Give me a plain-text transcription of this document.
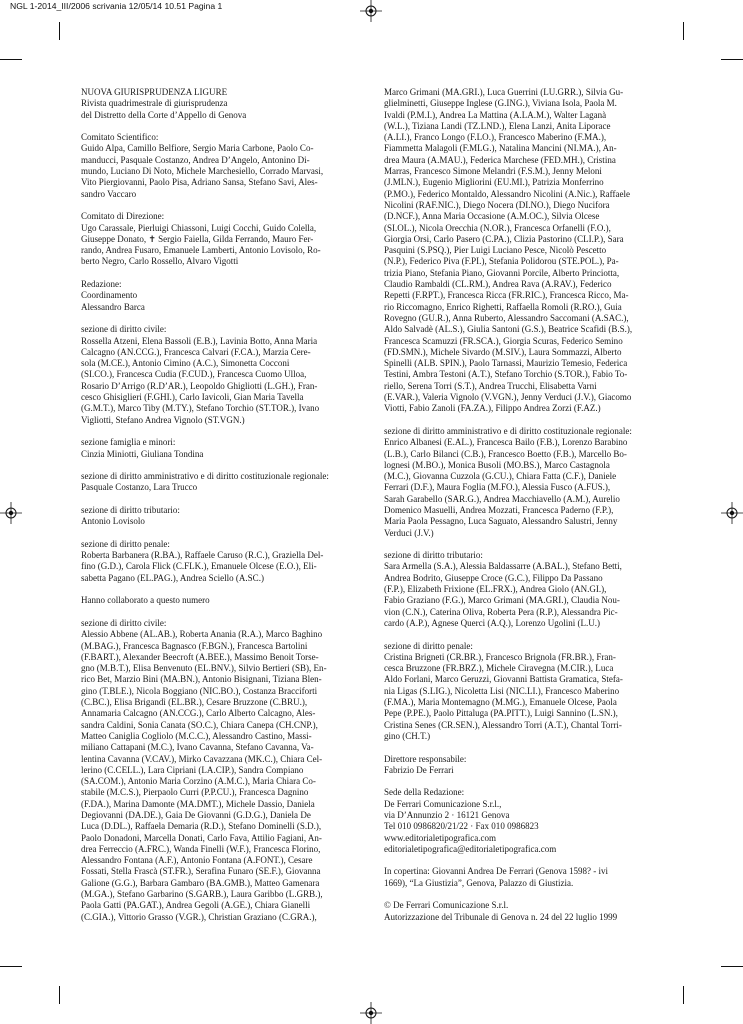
NGL 1-2014_III/2006 scrivania 12/05/14 10.51 Pagina 1
NUOVA GIURISPRUDENZA LIGURE
Rivista quadrimestrale di giurisprudenza
del Distretto della Corte d’Appello di Genova
Comitato Scientifico:
Guido Alpa, Camillo Belfiore, Sergio Maria Carbone, Paolo Co-
manducci, Pasquale Costanzo, Andrea D’Angelo, Antonino Di-
mundo, Luciano Di Noto, Michele Marchesiello, Corrado Marvasi,
Vito Piergiovanni, Paolo Pisa, Adriano Sansa, Stefano Savi, Ales-
sandro Vaccaro
Comitato di Direzione:
Ugo Carassale, Pierluigi Chiassoni, Luigi Cocchi, Guido Colella,
Giuseppe Donato, ✝ Sergio Faiella, Gilda Ferrando, Mauro Fer-
rando, Andrea Fusaro, Emanuele Lamberti, Antonio Lovisolo, Ro-
berto Negro, Carlo Rossello, Alvaro Vigotti
Redazione:
Coordinamento
Alessandro Barca
sezione di diritto civile:
Rossella Atzeni, Elena Bassoli (E.B.), Lavinia Botto, Anna Maria
Calcagno (AN.CCG.), Francesca Calvari (F.CA.), Marzia Cere-
sola (M.CE.), Antonio Cimino (A.C.), Simonetta Cocconi
(SI.CO.), Francesca Cudia (F.CUD.), Francesca Cuomo Ulloa,
Rosario D’Arrigo (R.D’AR.), Leopoldo Ghigliotti (L.GH.), Fran-
cesco Ghisiglieri (F.GHI.), Carlo Iavicoli, Gian Maria Tavella
(G.M.T.), Marco Tiby (M.TY.), Stefano Torchio (ST.TOR.), Ivano
Vigliotti, Stefano Andrea Vignolo (ST.VGN.)
sezione famiglia e minori:
Cinzia Miniotti, Giuliana Tondina
sezione di diritto amministrativo e di diritto costituzionale regionale:
Pasquale Costanzo, Lara Trucco
sezione di diritto tributario:
Antonio Lovisolo
sezione di diritto penale:
Roberta Barbanera (R.BA.), Raffaele Caruso (R.C.), Graziella Del-
fino (G.D.), Carola Flick (C.FLK.), Emanuele Olcese (E.O.), Eli-
sabetta Pagano (EL.PAG.), Andrea Sciello (A.SC.)
Hanno collaborato a questo numero
sezione di diritto civile:
Alessio Abbene (AL.AB.), Roberta Anania (R.A.), Marco Baghino
(M.BAG.), Francesca Bagnasco (F.BGN.), Francesca Bartolini
(F.BART.), Alexander Beecroft (A.BEE.), Massimo Benoit Torse-
gno (M.B.T.), Elisa Benvenuto (EL.BNV.), Silvio Bertieri (SB), En-
rico Bet, Marzio Bini (MA.BN.), Antonio Bisignani, Tiziana Blen-
gino (T.BLE.), Nicola Boggiano (NIC.BO.), Costanza Bracciforti
(C.BC.), Elisa Brigandì (EL.BR.), Cesare Bruzzone (C.BRU.),
Annamaria Calcagno (AN.CCG.), Carlo Alberto Calcagno, Ales-
sandra Caldini, Sonia Canata (SO.C.), Chiara Canepa (CH.CNP.),
Matteo Caniglia Cogliolo (M.C.C.), Alessandro Castino, Massi-
miliano Cattapani (M.C.), Ivano Cavanna, Stefano Cavanna, Va-
lentina Cavanna (V.CAV.), Mirko Cavazzana (MK.C.), Chiara Cel-
lerino (C.CELL.), Lara Cipriani (LA.CIP.), Sandra Compiano
(SA.COM.), Antonio Maria Corzino (A.M.C.), Maria Chiara Co-
stabile (M.C.S.), Pierpaolo Curri (P.P.CU.), Francesca Dagnino
(F.DA.), Marina Damonte (MA.DMT.), Michele Dassio, Daniela
Degiovanni (DA.DE.), Gaia De Giovanni (G.D.G.), Daniela De
Luca (D.DL.), Raffaela Demaria (R.D.), Stefano Dominelli (S.D.),
Paolo Donadoni, Marcella Donati, Carlo Fava, Attilio Fagiani, An-
drea Ferreccio (A.FRC.), Wanda Finelli (W.F.), Francesca Florino,
Alessandro Fontana (A.F.), Antonio Fontana (A.FONT.), Cesare
Fossati, Stella Frascà (ST.FR.), Serafina Funaro (SE.F.), Giovanna
Galione (G.G.), Barbara Gambaro (BA.GMB.), Matteo Gamenara
(M.GA.), Stefano Garbarino (S.GARB.), Laura Garibbo (L.GRB.),
Paola Gatti (PA.GAT.), Andrea Gegoli (A.GE.), Chiara Gianelli
(C.GIA.), Vittorio Grasso (V.GR.), Christian Graziano (C.GRA.),
Marco Grimani (MA.GRI.), Luca Guerrini (LU.GRR.), Silvia Gu-
glielminetti, Giuseppe Inglese (G.ING.), Viviana Isola, Paola M.
Ivaldi (P.M.I.), Andrea La Mattina (A.LA.M.), Walter Laganà
(W.L.), Tiziana Landi (TZ.LND.), Elena Lanzi, Anita Liporace
(A.LI.), Franco Longo (F.LO.), Francesco Maberino (F.MA.),
Fiammetta Malagoli (F.MLG.), Natalina Mancini (NI.MA.), An-
drea Maura (A.MAU.), Federica Marchese (FED.MH.), Cristina
Marras, Francesco Simone Melandri (F.S.M.), Jenny Meloni
(J.MLN.), Eugenio Migliorini (EU.MI.), Patrizia Monferrino
(P.MO.), Federico Montaldo, Alessandro Nicolini (A.Nic.), Raffaele
Nicolini (RAF.NIC.), Diego Nocera (DI.NO.), Diego Nucifora
(D.NCF.), Anna Maria Occasione (A.M.OC.), Silvia Olcese
(SI.OL.), Nicola Orecchia (N.OR.), Francesca Orfanelli (F.O.),
Giorgia Orsi, Carlo Pasero (C.PA.), Clizia Pastorino (CLI.P.), Sara
Pasquini (S.PSQ.), Pier Luigi Luciano Pesce, Nicolò Pescetto
(N.P.), Federico Piva (F.PI.), Stefania Polidorou (STE.POL.), Pa-
trizia Piano, Stefania Piano, Giovanni Porcile, Alberto Princiotta,
Claudio Rambaldi (CL.RM.), Andrea Rava (A.RAV.), Federico
Repetti (F.RPT.), Francesca Ricca (FR.RIC.), Francesca Ricco, Ma-
rio Riccomagno, Enrico Righetti, Raffaella Romoli (R.RO.), Guia
Rovegno (GU.R.), Anna Ruberto, Alessandro Saccomani (A.SAC.),
Aldo Salvadè (AL.S.), Giulia Santoni (G.S.), Beatrice Scafidi (B.S.),
Francesca Scamuzzi (FR.SCA.), Giorgia Scuras, Federico Semino
(FD.SMN.), Michele Sivardo (M.SIV.), Laura Sommazzi, Alberto
Spinelli (ALB. SPIN.), Paolo Tarnassi, Maurizio Temesio, Federica
Testini, Ambra Testoni (A.T.), Stefano Torchio (S.TOR.), Fabio To-
riello, Serena Torri (S.T.), Andrea Trucchi, Elisabetta Varni
(E.VAR.), Valeria Vignolo (V.VGN.), Jenny Verduci (J.V.), Giacomo
Viotti, Fabio Zanoli (FA.ZA.), Filippo Andrea Zorzi (F.AZ.)
sezione di diritto amministrativo e di diritto costituzionale regionale:
Enrico Albanesi (E.AL.), Francesca Bailo (F.B.), Lorenzo Barabino
(L.B.), Carlo Bilanci (C.B.), Francesco Boetto (F.B.), Marcello Bo-
lognesi (M.BO.), Monica Busoli (MO.BS.), Marco Castagnola
(M.C.), Giovanna Cuzzola (G.CU.), Chiara Fatta (C.F.), Daniele
Ferrari (D.F.), Maura Foglia (M.FO.), Alessia Fusco (A.FUS.),
Sarah Garabello (SAR.G.), Andrea Macchiavello (A.M.), Aurelio
Domenico Masuelli, Andrea Mozzati, Francesca Paderno (F.P.),
Maria Paola Pessagno, Luca Saguato, Alessandro Salustri, Jenny
Verduci (J.V.)
sezione di diritto tributario:
Sara Armella (S.A.), Alessia Baldassarre (A.BAL.), Stefano Betti,
Andrea Bodrito, Giuseppe Croce (G.C.), Filippo Da Passano
(F.P.), Elizabeth Frixione (EL.FRX.), Andrea Giolo (AN.GI.),
Fabio Graziano (F.G.), Marco Grimani (MA.GRI.), Claudia Nou-
vion (C.N.), Caterina Oliva, Roberta Pera (R.P.), Alessandra Pic-
cardo (A.P.), Agnese Querci (A.Q.), Lorenzo Ugolini (L.U.)
sezione di diritto penale:
Cristina Brigneti (CR.BR.), Francesco Brignola (FR.BR.), Fran-
cesca Bruzzone (FR.BRZ.), Michele Ciravegna (M.CIR.), Luca
Aldo Forlani, Marco Geruzzi, Giovanni Battista Gramatica, Stefa-
nia Ligas (S.LIG.), Nicoletta Lisi (NIC.LI.), Francesco Maberino
(F.MA.), Maria Montemagno (M.MG.), Emanuele Olcese, Paola
Pepe (P.PE.), Paolo Pittaluga (PA.PITT.), Luigi Sannino (L.SN.),
Cristina Senes (CR.SEN.), Alessandro Torri (A.T.), Chantal Torri-
gino (CH.T.)
Direttore responsabile:
Fabrizio De Ferrari
Sede della Redazione:
De Ferrari Comunicazione S.r.l.,
via D’Annunzio 2 · 16121 Genova
Tel 010 0986820/21/22 · Fax 010 0986823
www.editorialetipografica.com
editorialetipografica@editorialetipografica.com
In copertina: Giovanni Andrea De Ferrari (Genova 1598? - ivi
1669), “La Giustizia”, Genova, Palazzo di Giustizia.
© De Ferrari Comunicazione S.r.l.
Autorizzazione del Tribunale di Genova n. 24 del 22 luglio 1999
